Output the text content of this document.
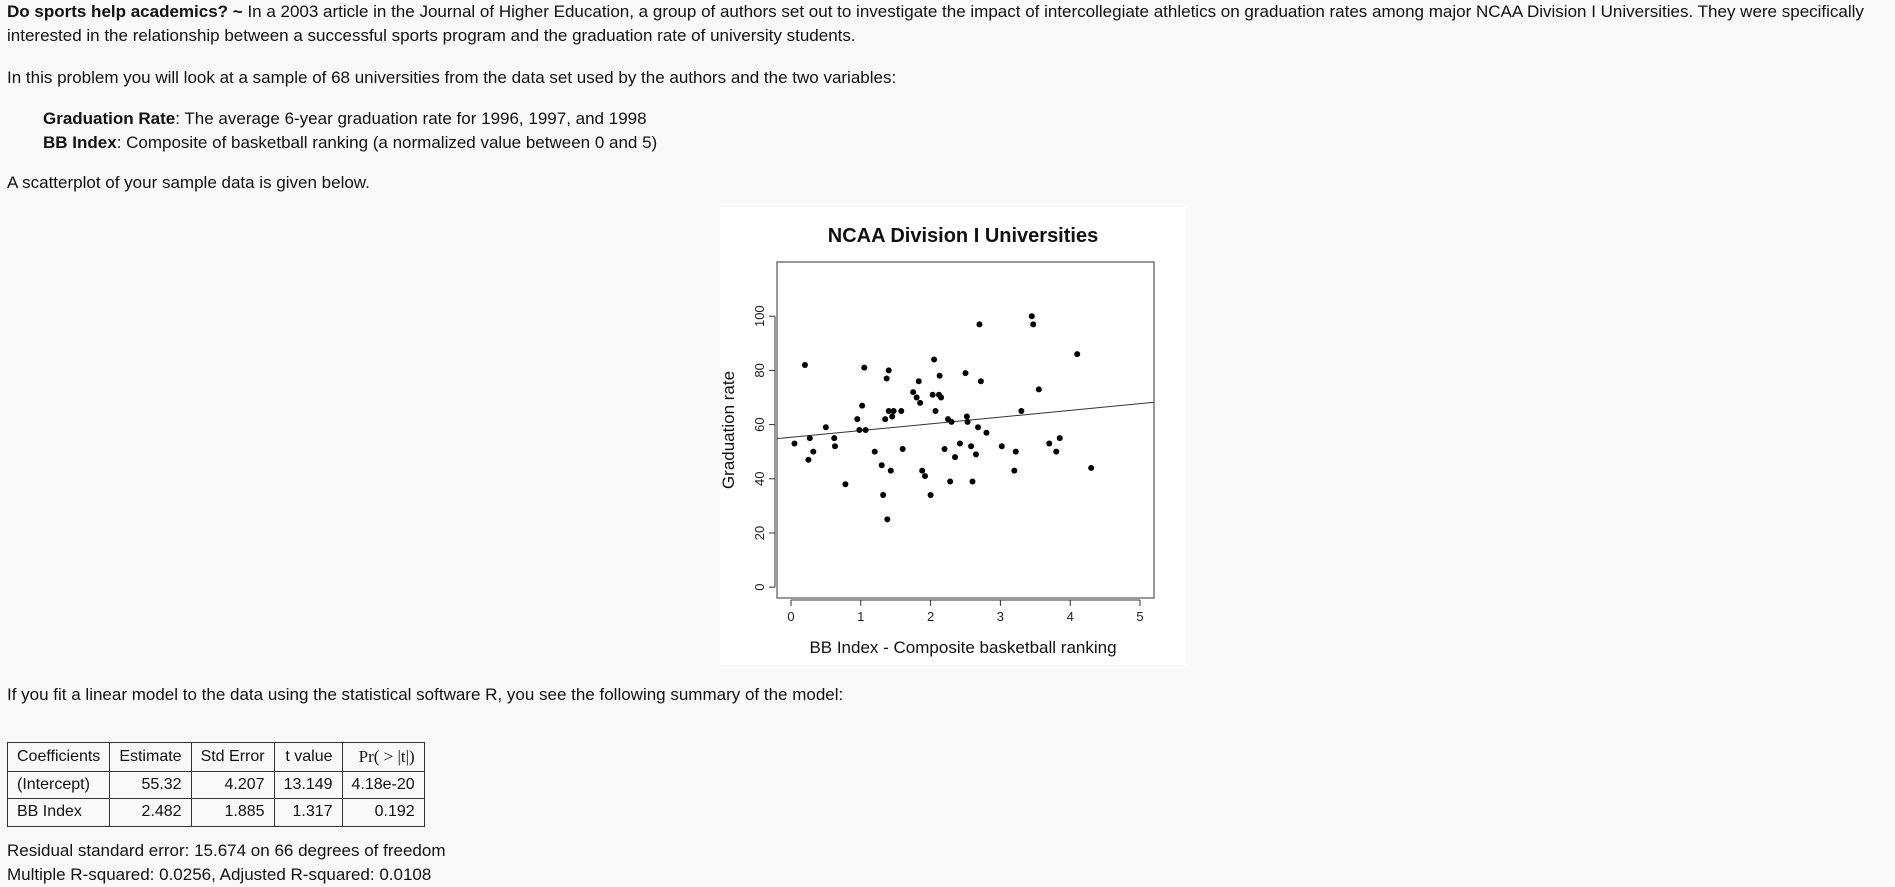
Do sports help academics? ~ In a 2003 article in the Journal of Higher Education, a group of authors set out to investigate the impact of intercollegiate athletics on graduation rates among major NCAA Division I Universities. They were specifically interested in the relationship between a successful sports program and the graduation rate of university students.

In this problem you will look at a sample of 68 universities from the data set used by the authors and the two variables:

Graduation Rate: The average 6-year graduation rate for 1996, 1997, and 1998
BB Index: Composite of basketball ranking (a normalized value between 0 and 5)

A scatterplot of your sample data is given below.

NCAA Division I Universities
0	1	2	3	4	5
0
20
40
60
80
100
BB Index - Composite basketball ranking
Graduation rate

If you fit a linear model to the data using the statistical software R, you see the following summary of the model:

Coefficients	Estimate	Std Error	t value	Pr( > |t|)
(Intercept)	55.32	4.207	13.149	4.18e-20
BB Index	2.482	1.885	1.317	0.192
Residual standard error: 15.674 on 66 degrees of freedom
Multiple R-squared: 0.0256, Adjusted R-squared: 0.0108
